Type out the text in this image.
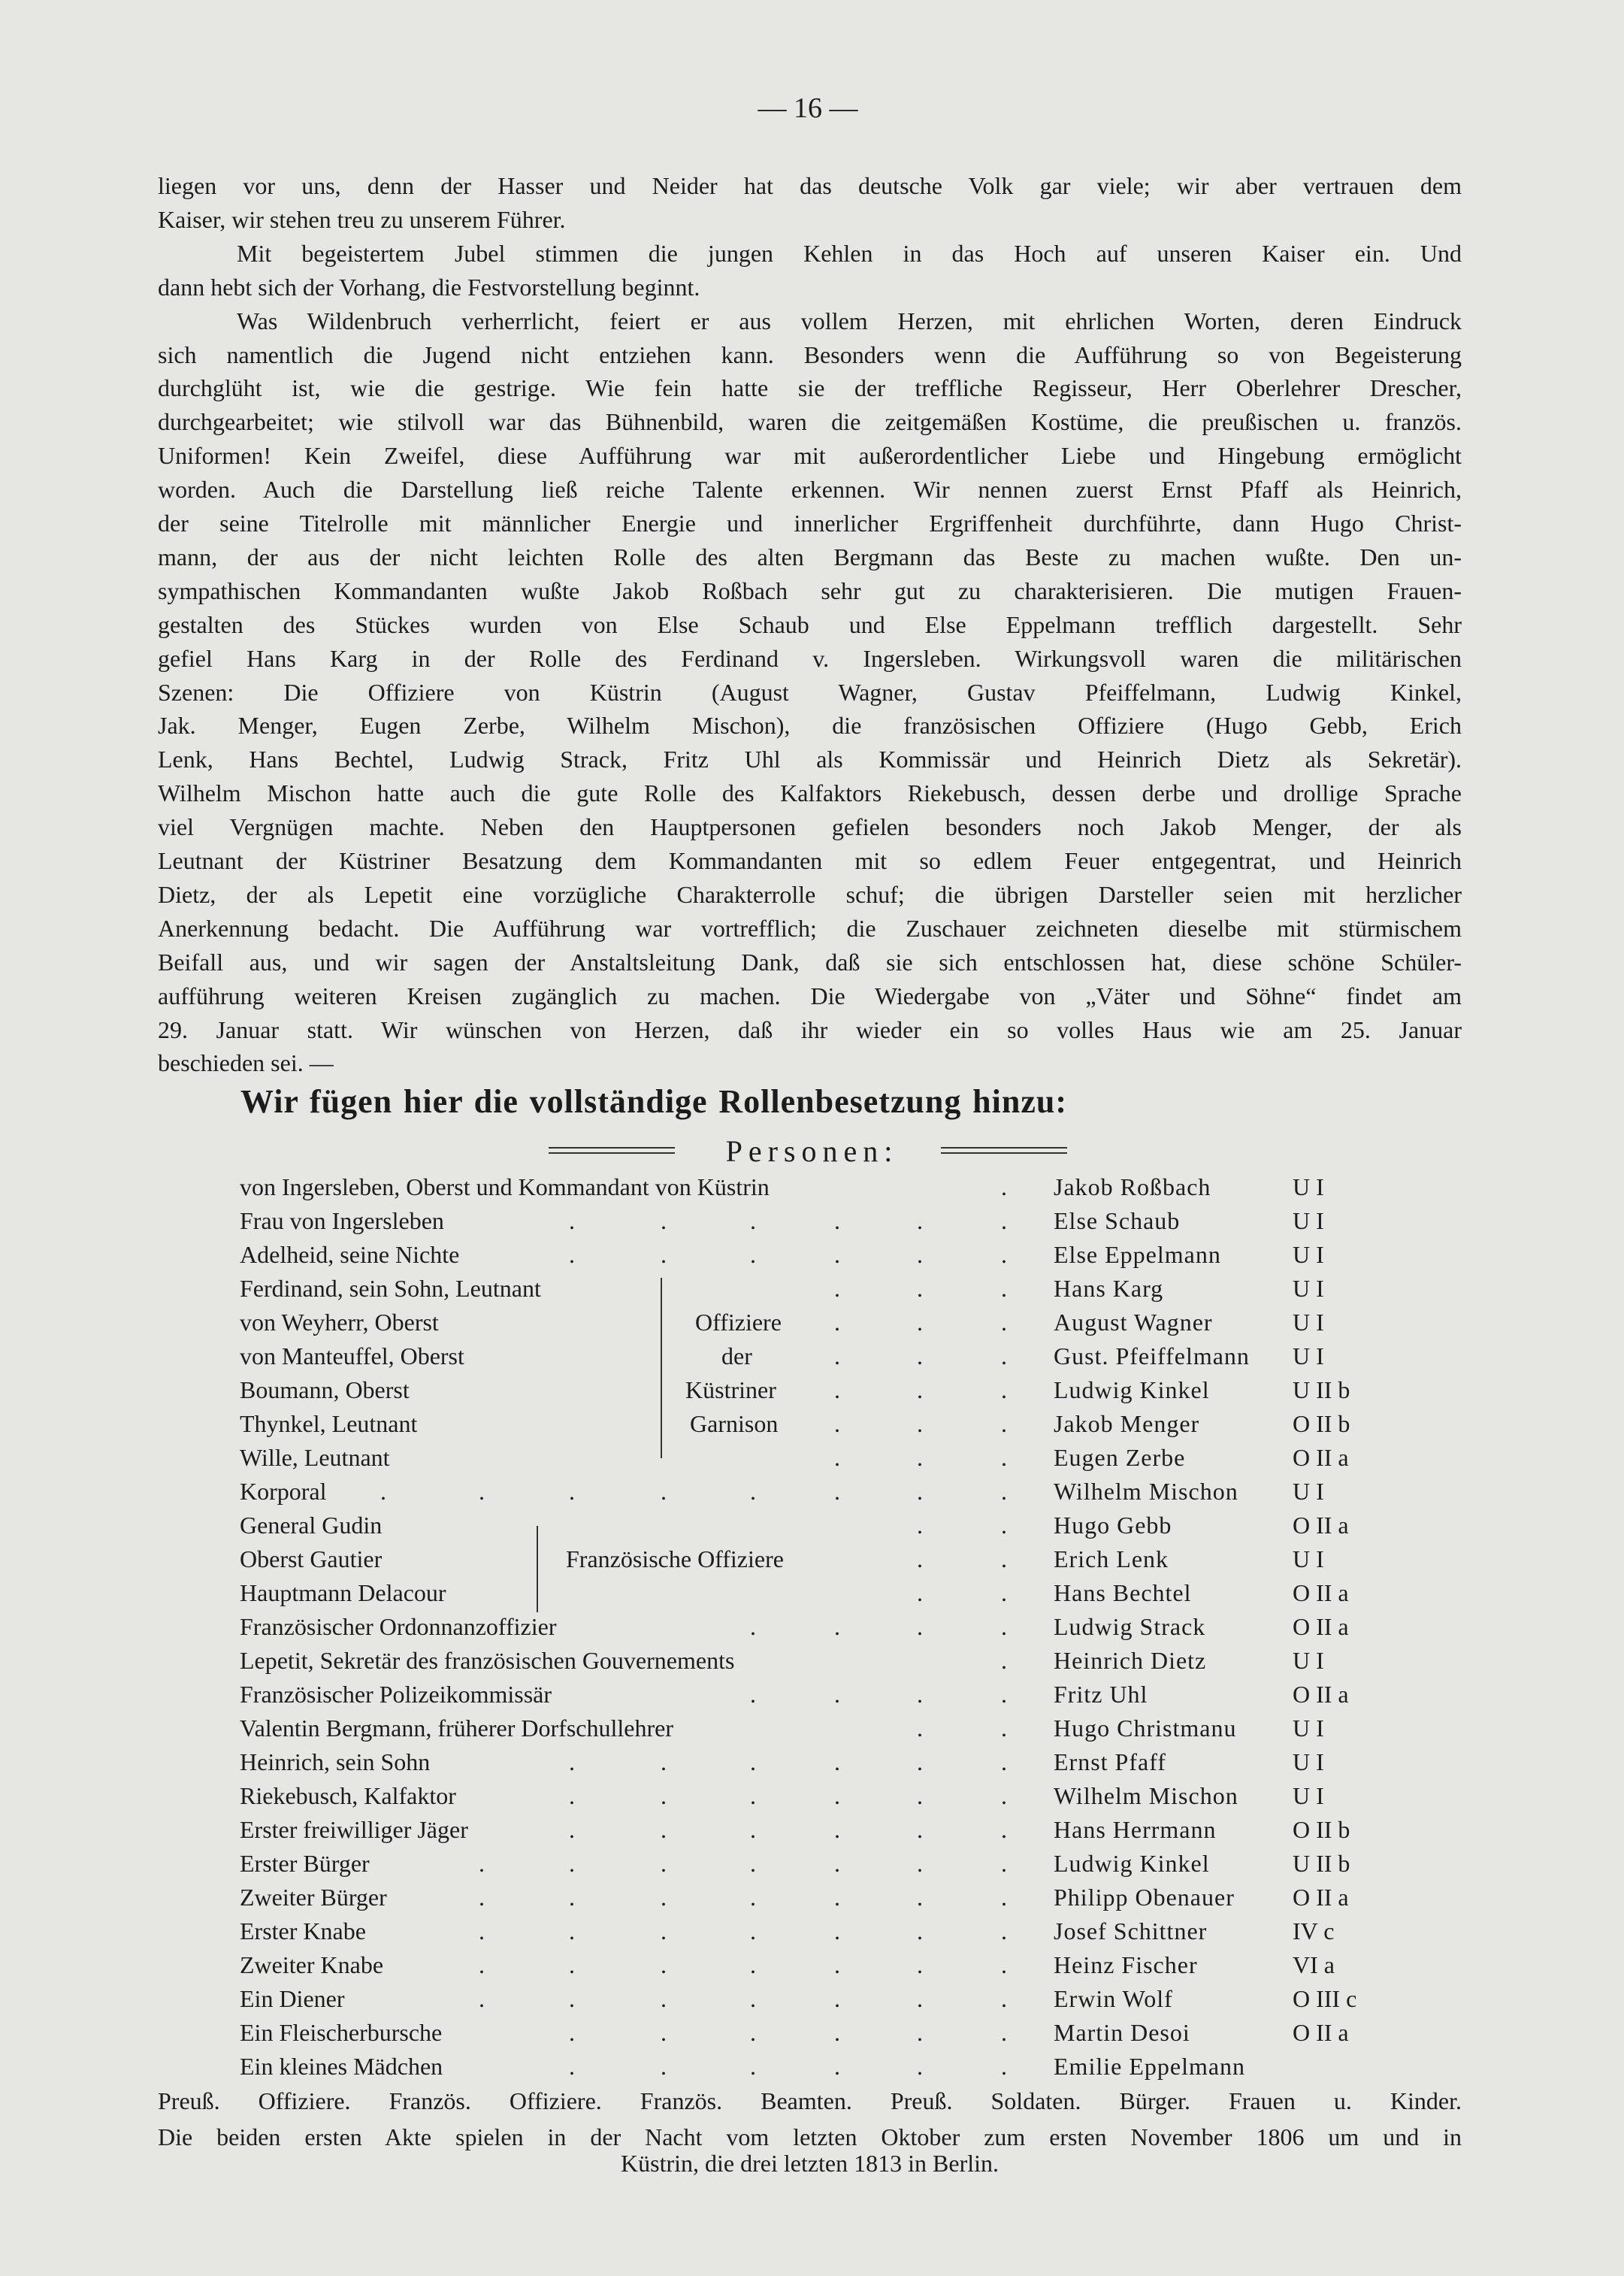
— 16 —
liegen vor uns, denn der Hasser und Neider hat das deutsche Volk gar viele; wir aber vertrauen dem
Kaiser, wir stehen treu zu unserem Führer.
Mit begeistertem Jubel stimmen die jungen Kehlen in das Hoch auf unseren Kaiser ein. Und
dann hebt sich der Vorhang, die Festvorstellung beginnt.
Was Wildenbruch verherrlicht, feiert er aus vollem Herzen, mit ehrlichen Worten, deren Eindruck
sich namentlich die Jugend nicht entziehen kann. Besonders wenn die Aufführung so von Begeisterung
durchglüht ist, wie die gestrige. Wie fein hatte sie der treffliche Regisseur, Herr Oberlehrer Drescher,
durchgearbeitet; wie stilvoll war das Bühnenbild, waren die zeitgemäßen Kostüme, die preußischen u. französ.
Uniformen! Kein Zweifel, diese Aufführung war mit außerordentlicher Liebe und Hingebung ermöglicht
worden. Auch die Darstellung ließ reiche Talente erkennen. Wir nennen zuerst Ernst Pfaff als Heinrich,
der seine Titelrolle mit männlicher Energie und innerlicher Ergriffenheit durchführte, dann Hugo Christ-
mann, der aus der nicht leichten Rolle des alten Bergmann das Beste zu machen wußte. Den un-
sympathischen Kommandanten wußte Jakob Roßbach sehr gut zu charakterisieren. Die mutigen Frauen-
gestalten des Stückes wurden von Else Schaub und Else Eppelmann trefflich dargestellt. Sehr
gefiel Hans Karg in der Rolle des Ferdinand v. Ingersleben. Wirkungsvoll waren die militärischen
Szenen: Die Offiziere von Küstrin (August Wagner, Gustav Pfeiffelmann, Ludwig Kinkel,
Jak. Menger, Eugen Zerbe, Wilhelm Mischon), die französischen Offiziere (Hugo Gebb, Erich
Lenk, Hans Bechtel, Ludwig Strack, Fritz Uhl als Kommissär und Heinrich Dietz als Sekretär).
Wilhelm Mischon hatte auch die gute Rolle des Kalfaktors Riekebusch, dessen derbe und drollige Sprache
viel Vergnügen machte. Neben den Hauptpersonen gefielen besonders noch Jakob Menger, der als
Leutnant der Küstriner Besatzung dem Kommandanten mit so edlem Feuer entgegentrat, und Heinrich
Dietz, der als Lepetit eine vorzügliche Charakterrolle schuf; die übrigen Darsteller seien mit herzlicher
Anerkennung bedacht. Die Aufführung war vortrefflich; die Zuschauer zeichneten dieselbe mit stürmischem
Beifall aus, und wir sagen der Anstaltsleitung Dank, daß sie sich entschlossen hat, diese schöne Schüler-
aufführung weiteren Kreisen zugänglich zu machen. Die Wiedergabe von „Väter und Söhne“ findet am
29. Januar statt. Wir wünschen von Herzen, daß ihr wieder ein so volles Haus wie am 25. Januar
beschieden sei. —
Wir fügen hier die vollständige Rollenbesetzung hinzu:
Personen:
von Ingersleben, Oberst und Kommandant von Küstrin	. Jakob Roßbach	U I
Frau von Ingersleben	.	.	.	.	.	. Else Schaub	U I
Adelheid, seine Nichte	.	.	.	.	.	. Else Eppelmann	U I
Ferdinand, sein Sohn, Leutnant	.	.	. Hans Karg	U I
von Weyherr, Oberst	.	.	. August Wagner	U I
von Manteuffel, Oberst	.	.	. Gust. Pfeiffelmann U I
Boumann, Oberst	.	.	. Ludwig Kinkel	U II b
Thynkel, Leutnant	.	.	. Jakob Menger	O II b
Wille, Leutnant	.	.	. Eugen Zerbe	O II a
Korporal .	.	.	.	.	.	.	. Wilhelm Mischon U I
General Gudin	.	. Hugo Gebb	O II a
Oberst Gautier	.	. Erich Lenk	U I
Hauptmann Delacour	.	. Hans Bechtel	O II a
Französischer Ordonnanzoffizier	.	.	.	. Ludwig Strack	O II a
Lepetit, Sekretär des französischen Gouvernements	. Heinrich Dietz	U I
Französischer Polizeikommissär	.	.	.	. Fritz Uhl	O II a
Valentin Bergmann, früherer Dorfschullehrer	.	. Hugo Christmanu U I
Heinrich, sein Sohn	.	.	.	.	.	. Ernst Pfaff	U I
Riekebusch, Kalfaktor	.	.	.	.	.	. Wilhelm Mischon U I
Erster freiwilliger Jäger	.	.	.	.	.	. Hans Herrmann	O II b
Erster Bürger	.	.	.	.	.	.	. Ludwig Kinkel	U II b
Zweiter Bürger	.	.	.	.	.	.	. Philipp Obenauer O II a
Erster Knabe	.	.	.	.	.	.	. Josef Schittner	IV c
Zweiter Knabe	.	.	.	.	.	.	. Heinz Fischer	VI a
Ein Diener	.	.	.	.	.	.	. Erwin Wolf	O III c
Ein Fleischerbursche	.	.	.	.	.	. Martin Desoi	O II a
Ein kleines Mädchen	.	.	.	.	.	. Emilie Eppelmann
Offiziere
der
Küstriner
Garnison
Französische Offiziere
Preuß. Offiziere. Französ. Offiziere. Französ. Beamten. Preuß. Soldaten. Bürger. Frauen u. Kinder.
Die beiden ersten Akte spielen in der Nacht vom letzten Oktober zum ersten November 1806 um und in
Küstrin, die drei letzten 1813 in Berlin.
